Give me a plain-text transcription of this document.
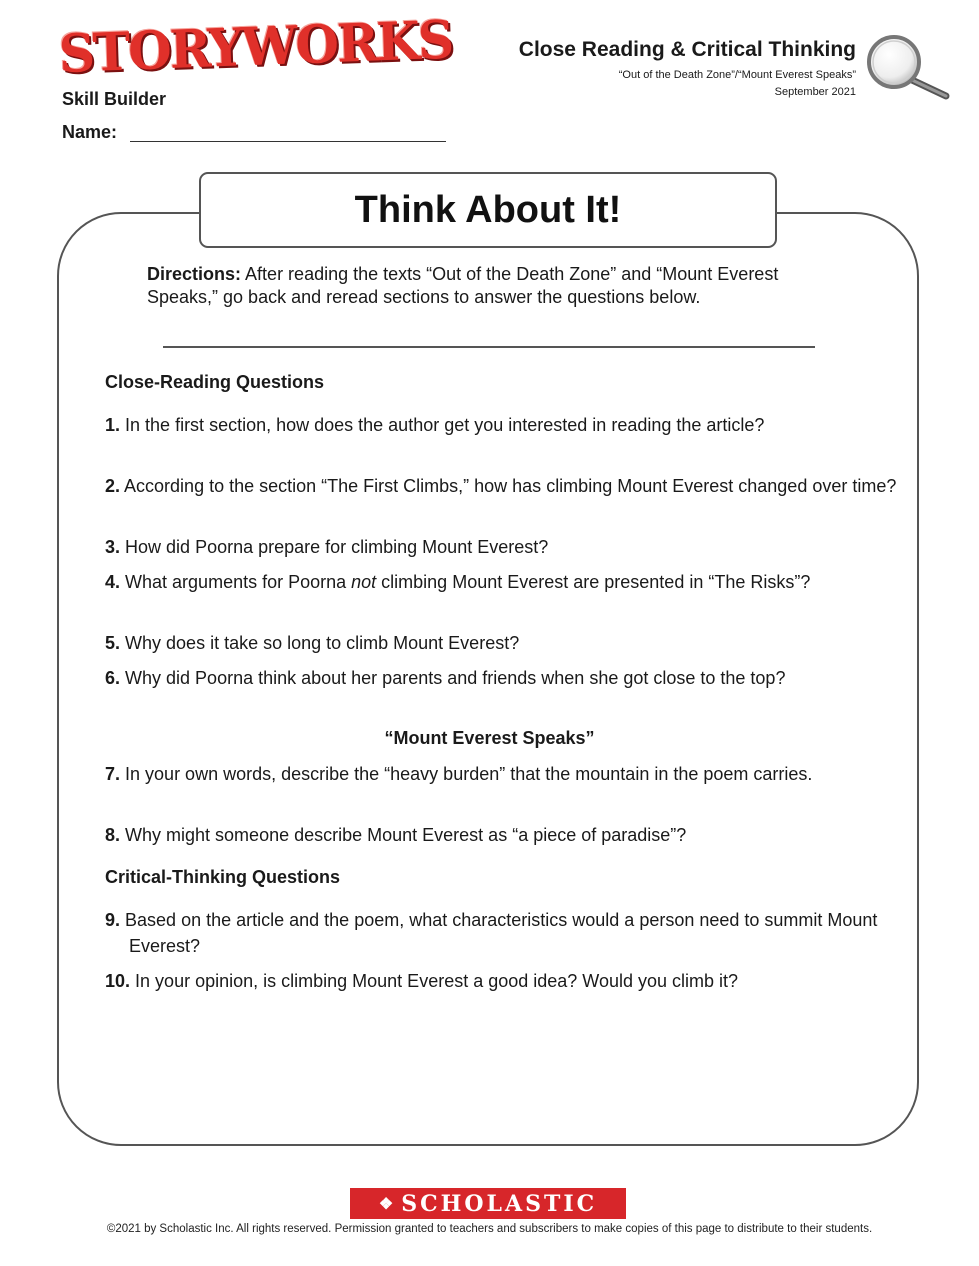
STORYWORKS
Skill Builder
Name:
Close Reading & Critical Thinking
“Out of the Death Zone”/“Mount Everest Speaks”
September 2021
Think About It!
Directions: After reading the texts “Out of the Death Zone” and “Mount Everest Speaks,” go back and reread sections to answer the questions below.
Close-Reading Questions
1. In the first section, how does the author get you interested in reading the article?
2. According to the section “The First Climbs,” how has climbing Mount Everest changed over time?
3. How did Poorna prepare for climbing Mount Everest?
4. What arguments for Poorna not climbing Mount Everest are presented in “The Risks”?
5. Why does it take so long to climb Mount Everest?
6. Why did Poorna think about her parents and friends when she got close to the top?
“Mount Everest Speaks”
7. In your own words, describe the “heavy burden” that the mountain in the poem carries.
8. Why might someone describe Mount Everest as “a piece of paradise”?
Critical-Thinking Questions
9. Based on the article and the poem, what characteristics would a person need to summit Mount Everest?
10. In your opinion, is climbing Mount Everest a good idea? Would you climb it?
❖ SCHOLASTIC
©2021 by Scholastic Inc. All rights reserved. Permission granted to teachers and subscribers to make copies of this page to distribute to their students.
